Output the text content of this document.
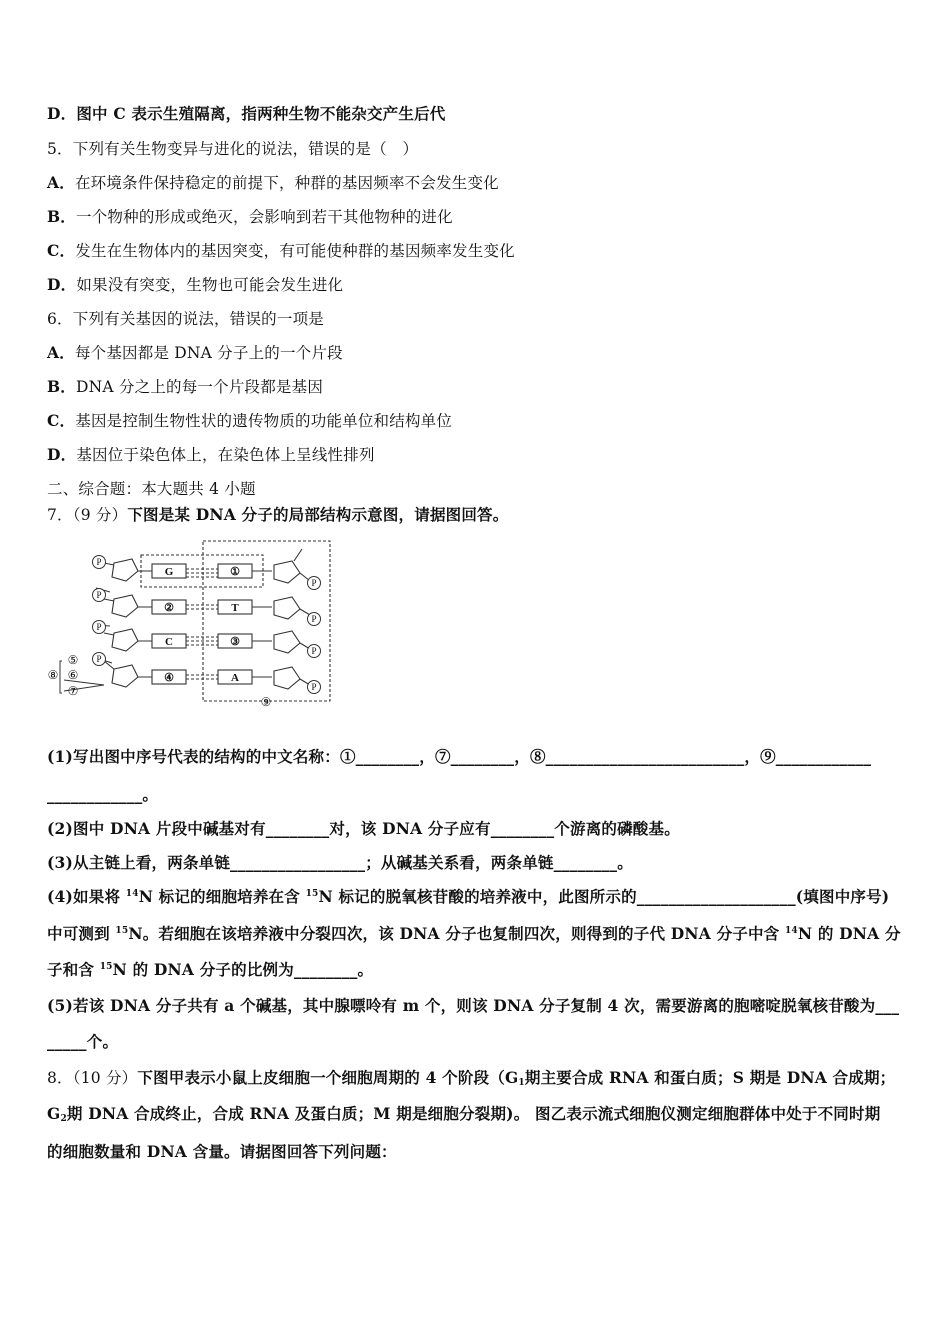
D．图中 C 表示生殖隔离，指两种生物不能杂交产生后代
5．下列有关生物变异与进化的说法，错误的是（　）
A．在环境条件保持稳定的前提下，种群的基因频率不会发生变化
B．一个物种的形成或绝灭，会影响到若干其他物种的进化
C．发生在生物体内的基因突变，有可能使种群的基因频率发生变化
D．如果没有突变，生物也可能会发生进化
6．下列有关基因的说法，错误的一项是
A．每个基因都是 DNA 分子上的一个片段
B．DNA 分之上的每一个片段都是基因
C．基因是控制生物性状的遗传物质的功能单位和结构单位
D．基因位于染色体上，在染色体上呈线性排列
二、综合题：本大题共 4 小题
7．（9 分）下图是某 DNA 分子的局部结构示意图，请据图回答。
P
P
P
P
P
P
P
P
G
②
C
④
①
T
③
A
⑤
⑥
⑦
⑧
⑨
(1)写出图中序号代表的结构的中文名称：①________，⑦________，⑧_________________________，⑨____________
____________。
(2)图中 DNA 片段中碱基对有________对，该 DNA 分子应有________个游离的磷酸基。
(3)从主链上看，两条单链_________________；从碱基关系看，两条单链________。
(4)如果将 $^{14}$N 标记的细胞培养在含 $^{15}$N 标记的脱氧核苷酸的培养液中，此图所示的____________________(填图中序号)
中可测到 $^{15}$N。若细胞在该培养液中分裂四次，该 DNA 分子也复制四次，则得到的子代 DNA 分子中含 $^{14}$N 的 DNA 分
子和含 $^{15}$N 的 DNA 分子的比例为________。
(5)若该 DNA 分子共有 a 个碱基，其中腺嘌呤有 m 个，则该 DNA 分子复制 4 次，需要游离的胞嘧啶脱氧核苷酸为___
_____个。
8．（10 分）下图甲表示小鼠上皮细胞一个细胞周期的 4 个阶段（$G_1$期主要合成 RNA 和蛋白质；S 期是 DNA 合成期；
$G_2$期 DNA 合成终止，合成 RNA 及蛋白质；M 期是细胞分裂期)。 图乙表示流式细胞仪测定细胞群体中处于不同时期
的细胞数量和 DNA 含量。请据图回答下列问题：
